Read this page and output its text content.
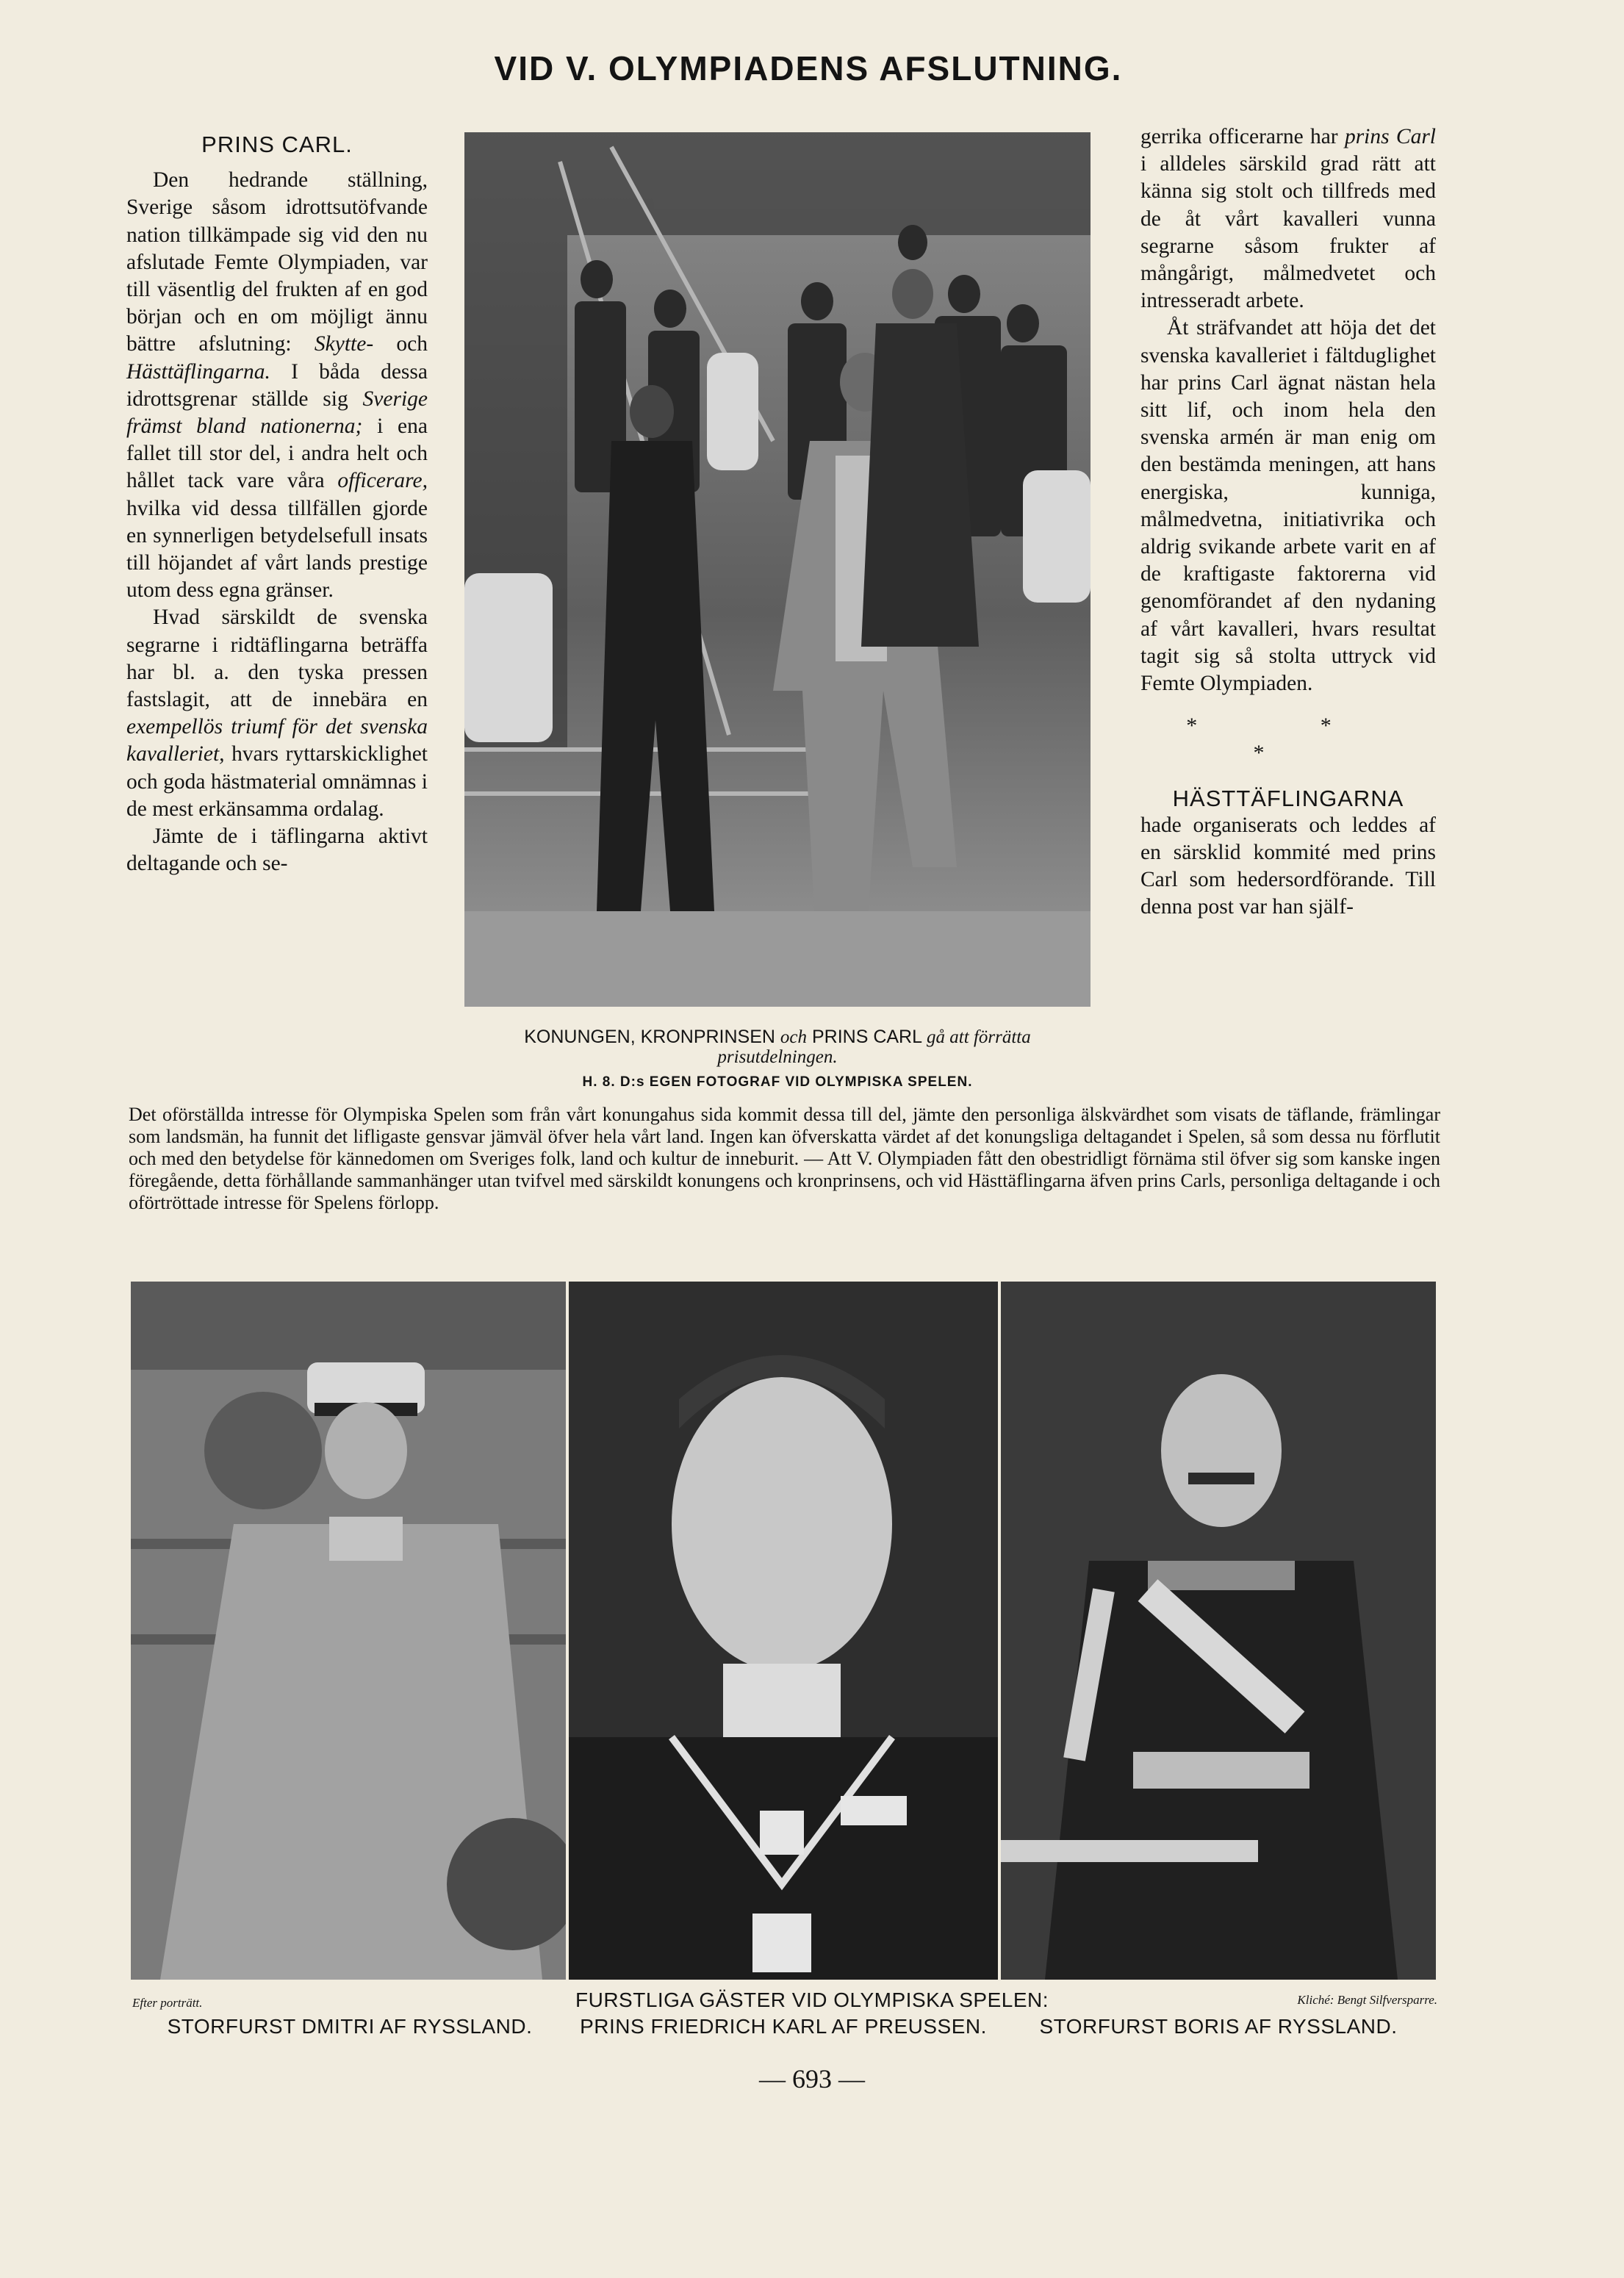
VID V. OLYMPIADENS AFSLUTNING.
PRINS CARL.

Den hedrande ställning, Sverige såsom idrottsutöfvande nation tillkämpade sig vid den nu afslutade Femte Olympiaden, var till väsentlig del frukten af en god början och en om möjligt ännu bättre afslutning: Skytte- och Hästtäflingarna. I båda dessa idrottsgrenar ställde sig Sverige främst bland nationerna; i ena fallet till stor del, i andra helt och hållet tack vare våra officerare, hvilka vid dessa tillfällen gjorde en synnerligen betydelsefull insats till höjandet af vårt lands prestige utom dess egna gränser.

Hvad särskildt de svenska segrarne i ridtäflingarna beträffa har bl. a. den tyska pressen fastslagit, att de innebära en exempellös triumf för det svenska kavalleriet, hvars ryttarskicklighet och goda hästmaterial omnämnas i de mest erkänsamma ordalag.

Jämte de i täflingarna aktivt deltagande och se-

KONUNGEN, KRONPRINSEN och PRINS CARL gå att förrätta prisutdelningen.
H. 8. D:s EGEN FOTOGRAF VID OLYMPISKA SPELEN.

gerrika officerarne har prins Carl i alldeles särskild grad rätt att känna sig stolt och tillfreds med de åt vårt kavalleri vunna segrarne såsom frukter af mångårigt, målmedvetet och intresseradt arbete.

Åt sträfvandet att höja det det svenska kavalleriet i fältduglighet har prins Carl ägnat nästan hela sitt lif, och inom hela den svenska armén är man enig om den bestämda meningen, att hans energiska, kunniga, målmedvetna, initiativrika och aldrig svikande arbete varit en af de kraftigaste faktorerna vid genomförandet af den nydaning af vårt kavalleri, hvars resultat tagit sig så stolta uttryck vid Femte Olympiaden.

* * *
HÄSTTÄFLINGARNA

hade organiserats och leddes af en särsklid kommité med prins Carl som hedersordförande. Till denna post var han själf-

Det oförställda intresse för Olympiska Spelen som från vårt konungahus sida kommit dessa till del, jämte den personliga älskvärdhet som visats de täflande, främlingar som landsmän, ha funnit det lifligaste gensvar jämväl öfver hela vårt land. Ingen kan öfverskatta värdet af det konungsliga deltagandet i Spelen, så som dessa nu förflutit och med den betydelse för kännedomen om Sveriges folk, land och kultur de inneburit. — Att V. Olympiaden fått den obestridligt förnäma stil öfver sig som kanske ingen föregående, detta förhållande sammanhänger utan tvifvel med särskildt konungens och kronprinsens, och vid Hästtäflingarna äfven prins Carls, personliga deltagande i och oförtröttade intresse för Spelens förlopp.
Efter porträtt.	FURSTLIGA GÄSTER VID OLYMPISKA SPELEN:	Kliché: Bengt Silfversparre.
STORFURST DMITRI AF RYSSLAND.	PRINS FRIEDRICH KARL AF PREUSSEN.	STORFURST BORIS AF RYSSLAND.
— 693 —
